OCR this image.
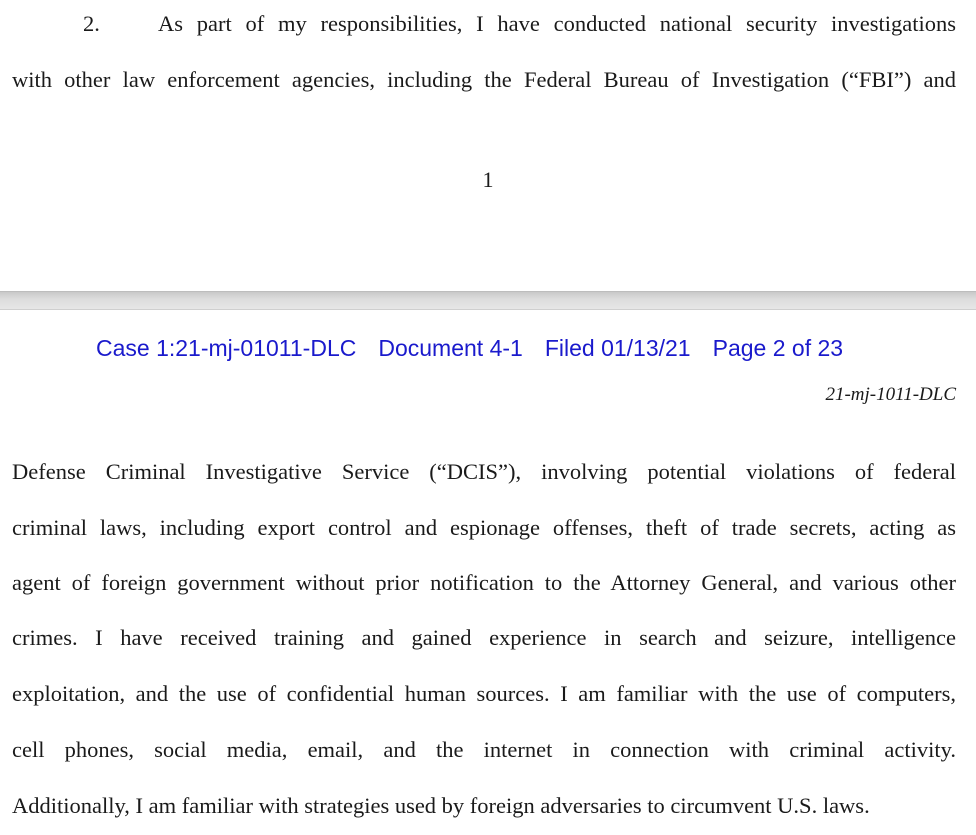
2.	As part of my responsibilities, I have conducted national security investigations
with other law enforcement agencies, including the Federal Bureau of Investigation (“FBI”) and
1
Case 1:21-mj-01011-DLC Document 4-1 Filed 01/13/21 Page 2 of 23
21-mj-1011-DLC
Defense Criminal Investigative Service (“DCIS”), involving potential violations of federal
criminal laws, including export control and espionage offenses, theft of trade secrets, acting as
agent of foreign government without prior notification to the Attorney General, and various other
crimes. I have received training and gained experience in search and seizure, intelligence
exploitation, and the use of confidential human sources. I am familiar with the use of computers,
cell phones, social media, email, and the internet in connection with criminal activity.
Additionally, I am familiar with strategies used by foreign adversaries to circumvent U.S. laws.
